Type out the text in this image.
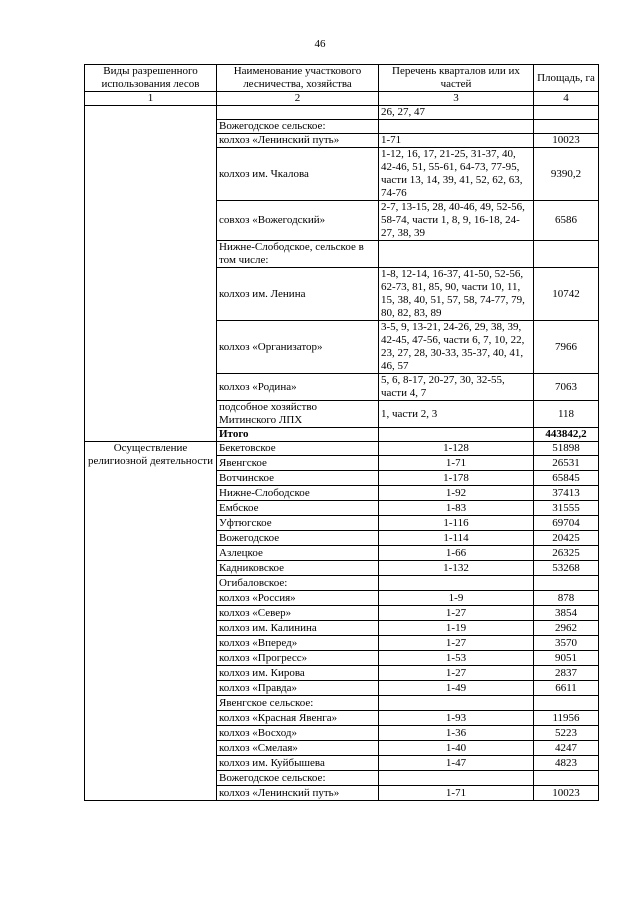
46
Виды разрешенного использования лесов	Наименование участкового лесничества, хозяйства	Перечень кварталов или их частей	Площадь, га
1	2	3	4
		26, 27, 47	
	Вожегодское сельское:		
	колхоз «Ленинский путь»	1-71	10023
	колхоз им. Чкалова	1-12, 16, 17, 21-25, 31-37, 40, 42-46, 51, 55-61, 64-73, 77-95, части 13, 14, 39, 41, 52, 62, 63, 74-76	9390,2
	совхоз «Вожегодский»	2-7, 13-15, 28, 40-46, 49, 52-56, 58-74, части 1, 8, 9, 16-18, 24-27, 38, 39	6586
	Нижне-Слободское, сельское в том числе:		
	колхоз им. Ленина	1-8, 12-14, 16-37, 41-50, 52-56, 62-73, 81, 85, 90, части 10, 11, 15, 38, 40, 51, 57, 58, 74-77, 79, 80, 82, 83, 89	10742
	колхоз «Организатор»	3-5, 9, 13-21, 24-26, 29, 38, 39, 42-45, 47-56, части 6, 7, 10, 22, 23, 27, 28, 30-33, 35-37, 40, 41, 46, 57	7966
	колхоз «Родина»	5, 6, 8-17, 20-27, 30, 32-55, части 4, 7	7063
	подсобное хозяйство Митинского ЛПХ	1, части 2, 3	118
	Итого		443842,2
Осуществление религиозной деятельности	Бекетовское	1-128	51898
	Явенгское	1-71	26531
	Вотчинское	1-178	65845
	Нижне-Слободское	1-92	37413
	Ембское	1-83	31555
	Уфтюгское	1-116	69704
	Вожегодское	1-114	20425
	Азлецкое	1-66	26325
	Кадниковское	1-132	53268
	Огибаловское:		
	колхоз «Россия»	1-9	878
	колхоз «Север»	1-27	3854
	колхоз им. Калинина	1-19	2962
	колхоз «Вперед»	1-27	3570
	колхоз «Прогресс»	1-53	9051
	колхоз им. Кирова	1-27	2837
	колхоз «Правда»	1-49	6611
	Явенгское сельское:		
	колхоз «Красная Явенга»	1-93	11956
	колхоз «Восход»	1-36	5223
	колхоз «Смелая»	1-40	4247
	колхоз им. Куйбышева	1-47	4823
	Вожегодское сельское:		
	колхоз «Ленинский путь»	1-71	10023
